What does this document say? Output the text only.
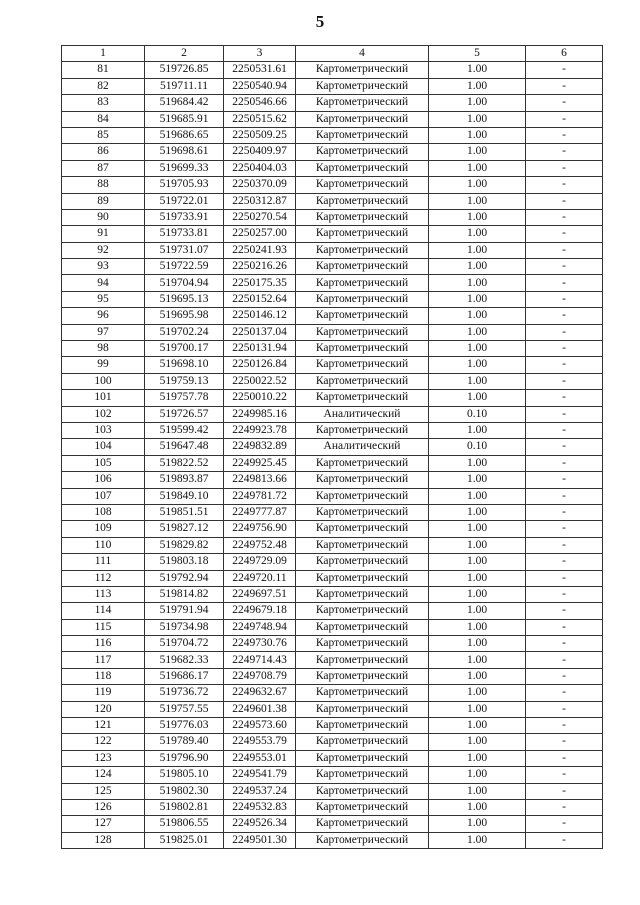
5
1	2	3	4	5	6
81	519726.85	2250531.61	Картометрический	1.00	-
82	519711.11	2250540.94	Картометрический	1.00	-
83	519684.42	2250546.66	Картометрический	1.00	-
84	519685.91	2250515.62	Картометрический	1.00	-
85	519686.65	2250509.25	Картометрический	1.00	-
86	519698.61	2250409.97	Картометрический	1.00	-
87	519699.33	2250404.03	Картометрический	1.00	-
88	519705.93	2250370.09	Картометрический	1.00	-
89	519722.01	2250312.87	Картометрический	1.00	-
90	519733.91	2250270.54	Картометрический	1.00	-
91	519733.81	2250257.00	Картометрический	1.00	-
92	519731.07	2250241.93	Картометрический	1.00	-
93	519722.59	2250216.26	Картометрический	1.00	-
94	519704.94	2250175.35	Картометрический	1.00	-
95	519695.13	2250152.64	Картометрический	1.00	-
96	519695.98	2250146.12	Картометрический	1.00	-
97	519702.24	2250137.04	Картометрический	1.00	-
98	519700.17	2250131.94	Картометрический	1.00	-
99	519698.10	2250126.84	Картометрический	1.00	-
100	519759.13	2250022.52	Картометрический	1.00	-
101	519757.78	2250010.22	Картометрический	1.00	-
102	519726.57	2249985.16	Аналитический	0.10	-
103	519599.42	2249923.78	Картометрический	1.00	-
104	519647.48	2249832.89	Аналитический	0.10	-
105	519822.52	2249925.45	Картометрический	1.00	-
106	519893.87	2249813.66	Картометрический	1.00	-
107	519849.10	2249781.72	Картометрический	1.00	-
108	519851.51	2249777.87	Картометрический	1.00	-
109	519827.12	2249756.90	Картометрический	1.00	-
110	519829.82	2249752.48	Картометрический	1.00	-
111	519803.18	2249729.09	Картометрический	1.00	-
112	519792.94	2249720.11	Картометрический	1.00	-
113	519814.82	2249697.51	Картометрический	1.00	-
114	519791.94	2249679.18	Картометрический	1.00	-
115	519734.98	2249748.94	Картометрический	1.00	-
116	519704.72	2249730.76	Картометрический	1.00	-
117	519682.33	2249714.43	Картометрический	1.00	-
118	519686.17	2249708.79	Картометрический	1.00	-
119	519736.72	2249632.67	Картометрический	1.00	-
120	519757.55	2249601.38	Картометрический	1.00	-
121	519776.03	2249573.60	Картометрический	1.00	-
122	519789.40	2249553.79	Картометрический	1.00	-
123	519796.90	2249553.01	Картометрический	1.00	-
124	519805.10	2249541.79	Картометрический	1.00	-
125	519802.30	2249537.24	Картометрический	1.00	-
126	519802.81	2249532.83	Картометрический	1.00	-
127	519806.55	2249526.34	Картометрический	1.00	-
128	519825.01	2249501.30	Картометрический	1.00	-
